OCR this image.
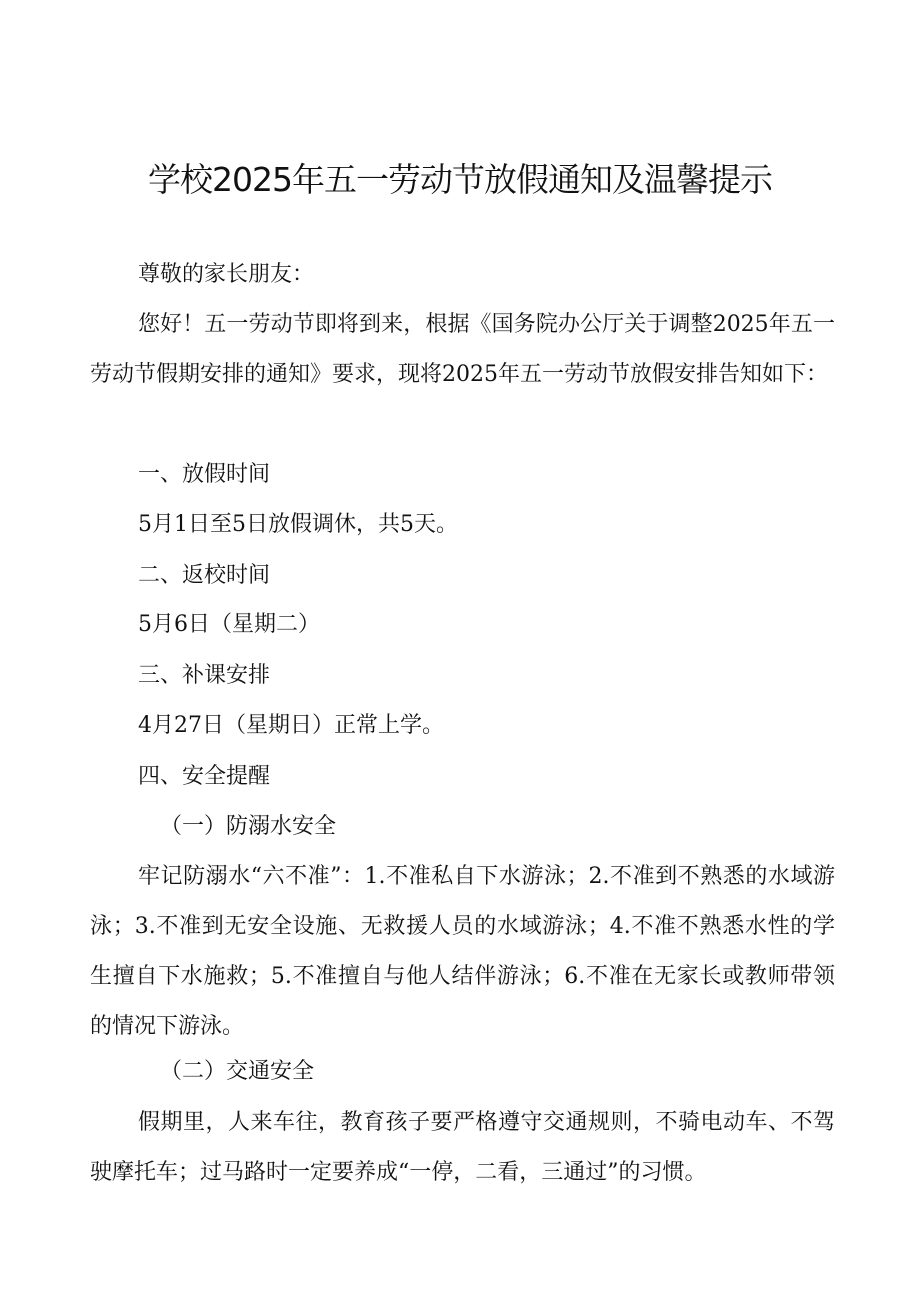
学校2025年五一劳动节放假通知及温馨提示

尊敬的家长朋友：

您好！五一劳动节即将到来，根据《国务院办公厅关于调整2025年五一劳动节假期安排的通知》要求，现将2025年五一劳动节放假安排告知如下：

一、放假时间

5月1日至5日放假调休，共5天。

二、返校时间

5月6日（星期二）

三、补课安排

4月27日（星期日）正常上学。

四、安全提醒

（一）防溺水安全

牢记防溺水“六不准”：1.不准私自下水游泳；2.不准到不熟悉的水域游泳；3.不准到无安全设施、无救援人员的水域游泳；4.不准不熟悉水性的学生擅自下水施救；5.不准擅自与他人结伴游泳；6.不准在无家长或教师带领的情况下游泳。

（二）交通安全

假期里，人来车往，教育孩子要严格遵守交通规则，不骑电动车、不驾驶摩托车；过马路时一定要养成“一停，二看，三通过”的习惯。
